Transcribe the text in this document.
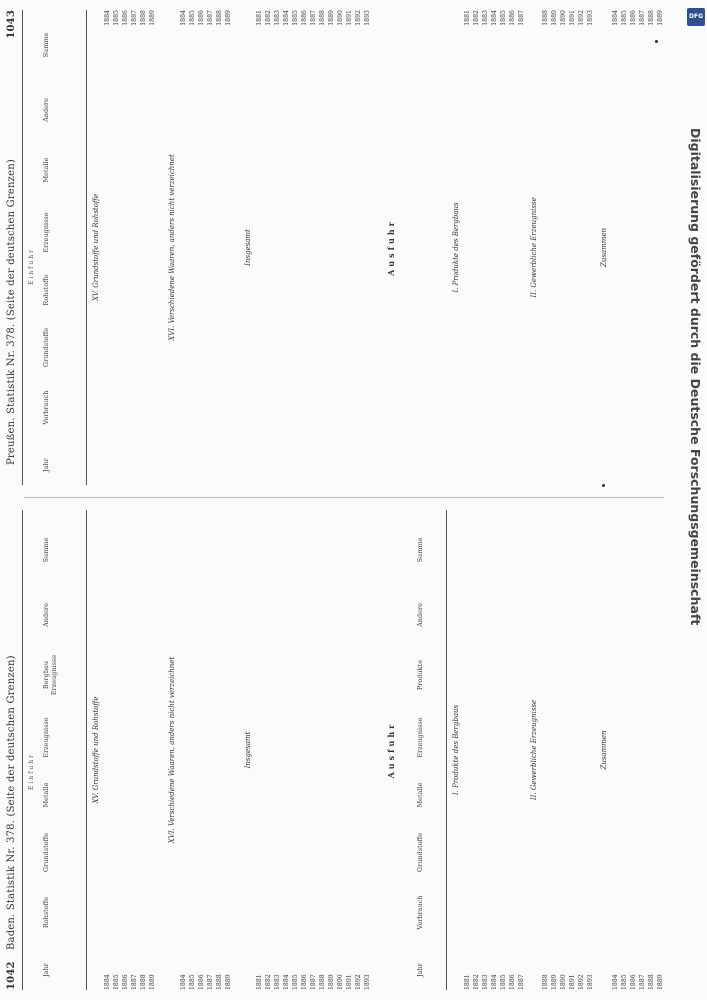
1042
Baden. Statistik Nr. 378. (Seite der deutschen Grenzen) Einfuhr
Jahr
Rohstoffe
Grundstoffe
Metalle
Erzeugnisse
Bergbau Erzeugnisse
Andere
Summe
XV. Grundstoffe und Rohstoffe
1884 1885 1886 1887 1888 1889
XVI. Verschiedene Waaren, anders nicht verzeichnet
1884 1885 1886 1887 1888 1889
Insgesamt
1881 1882 1883 1884 1885 1886 1887 1888 1889 1890 1891 1892 1893
Ausfuhr
Jahr
Verbrauch
Grundstoffe
Metalle
Erzeugnisse
Produkte
Andere
Summe
I. Produkte des Bergbaus
1881 1882 1883 1884 1885 1886 1887
II. Gewerbliche Erzeugnisse
1888 1889 1890 1891 1892 1893
Zusammen
1884 1885 1886 1887 1888 1889
Preußen. Statistik Nr. 378. (Seite der deutschen Grenzen)
1043
Einfuhr
Jahr
Verbrauch
Grundstoffe
Rohstoffe
Erzeugnisse
Metalle
Andere
Summe
XV. Grundstoffe und Rohstoffe
1884 1885 1886 1887 1888 1889
XVI. Verschiedene Waaren, anders nicht verzeichnet
1884 1885 1886 1887 1888 1889
Insgesamt
1881 1882 1883 1884 1885 1886 1887 1888 1889 1890 1891 1892 1893
Ausfuhr	I. Produkte des Bergbaus
1881 1882 1883 1884 1885 1886 1887
II. Gewerbliche Erzeugnisse
1888 1889 1890 1891 1892 1893
Zusammen
1884 1885 1886 1887 1888 1889	DFG
Digitalisierung gefördert durch die Deutsche Forschungsgemeinschaft
